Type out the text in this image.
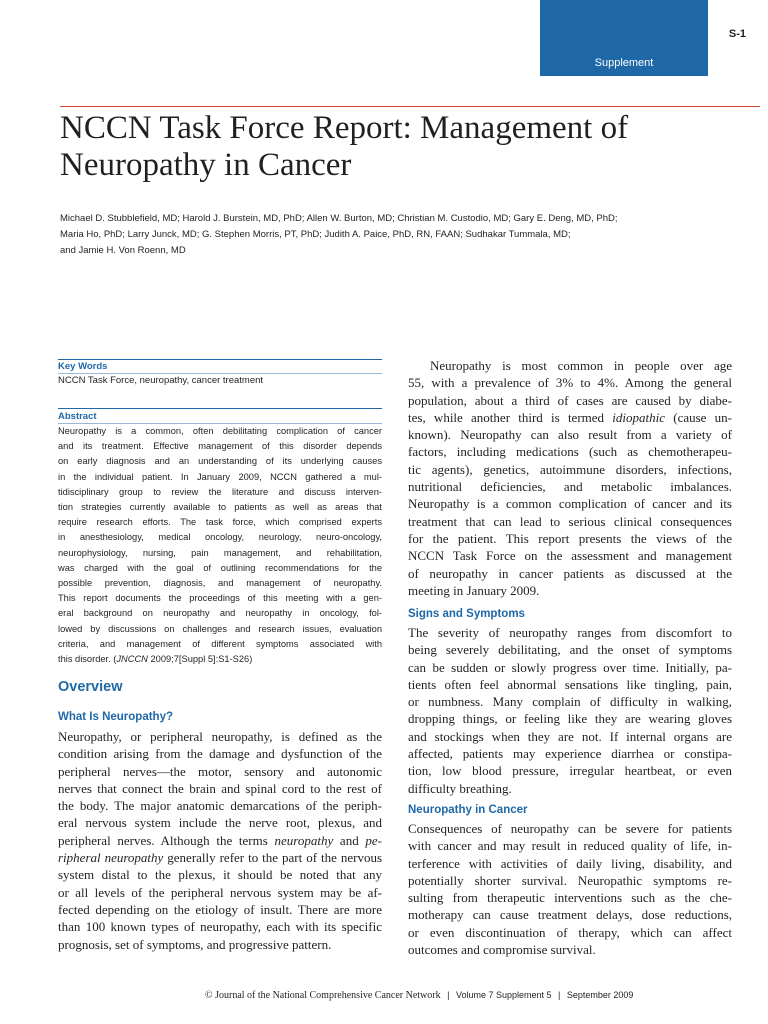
Supplement
S-1
NCCN Task Force Report: Management of Neuropathy in Cancer
Michael D. Stubblefield, MD; Harold J. Burstein, MD, PhD; Allen W. Burton, MD; Christian M. Custodio, MD; Gary E. Deng, MD, PhD;
Maria Ho, PhD; Larry Junck, MD; G. Stephen Morris, PT, PhD; Judith A. Paice, PhD, RN, FAAN; Sudhakar Tummala, MD;
and Jamie H. Von Roenn, MD
Key Words
NCCN Task Force, neuropathy, cancer treatment
Abstract
Neuropathy is a common, often debilitating complication of cancer
and its treatment. Effective management of this disorder depends
on early diagnosis and an understanding of its underlying causes
in the individual patient. In January 2009, NCCN gathered a mul-
tidisciplinary group to review the literature and discuss interven-
tion strategies currently available to patients as well as areas that
require research efforts. The task force, which comprised experts
in anesthesiology, medical oncology, neurology, neuro-oncology,
neurophysiology, nursing, pain management, and rehabilitation,
was charged with the goal of outlining recommendations for the
possible prevention, diagnosis, and management of neuropathy.
This report documents the proceedings of this meeting with a gen-
eral background on neuropathy and neuropathy in oncology, fol-
lowed by discussions on challenges and research issues, evaluation
criteria, and management of different symptoms associated with
this disorder. (JNCCN 2009;7[Suppl 5]:S1-S26)
Overview
What Is Neuropathy?
Neuropathy, or peripheral neuropathy, is defined as the
condition arising from the damage and dysfunction of the
peripheral nerves—the motor, sensory and autonomic
nerves that connect the brain and spinal cord to the rest of
the body. The major anatomic demarcations of the periph-
eral nervous system include the nerve root, plexus, and
peripheral nerves. Although the terms neuropathy and pe-
ripheral neuropathy generally refer to the part of the nervous
system distal to the plexus, it should be noted that any
or all levels of the peripheral nervous system may be af-
fected depending on the etiology of insult. There are more
than 100 known types of neuropathy, each with its specific
prognosis, set of symptoms, and progressive pattern.
Neuropathy is most common in people over age
55, with a prevalence of 3% to 4%. Among the general
population, about a third of cases are caused by diabe-
tes, while another third is termed idiopathic (cause un-
known). Neuropathy can also result from a variety of
factors, including medications (such as chemotherapeu-
tic agents), genetics, autoimmune disorders, infections,
nutritional deficiencies, and metabolic imbalances.
Neuropathy is a common complication of cancer and its
treatment that can lead to serious clinical consequences
for the patient. This report presents the views of the
NCCN Task Force on the assessment and management
of neuropathy in cancer patients as discussed at the
meeting in January 2009.
Signs and Symptoms
The severity of neuropathy ranges from discomfort to
being severely debilitating, and the onset of symptoms
can be sudden or slowly progress over time. Initially, pa-
tients often feel abnormal sensations like tingling, pain,
or numbness. Many complain of difficulty in walking,
dropping things, or feeling like they are wearing gloves
and stockings when they are not. If internal organs are
affected, patients may experience diarrhea or constipa-
tion, low blood pressure, irregular heartbeat, or even
difficulty breathing.
Neuropathy in Cancer
Consequences of neuropathy can be severe for patients
with cancer and may result in reduced quality of life, in-
terference with activities of daily living, disability, and
potentially shorter survival. Neuropathic symptoms re-
sulting from therapeutic interventions such as the che-
motherapy can cause treatment delays, dose reductions,
or even discontinuation of therapy, which can affect
outcomes and compromise survival.
© Journal of the National Comprehensive Cancer Network | Volume 7 Supplement 5 | September 2009
